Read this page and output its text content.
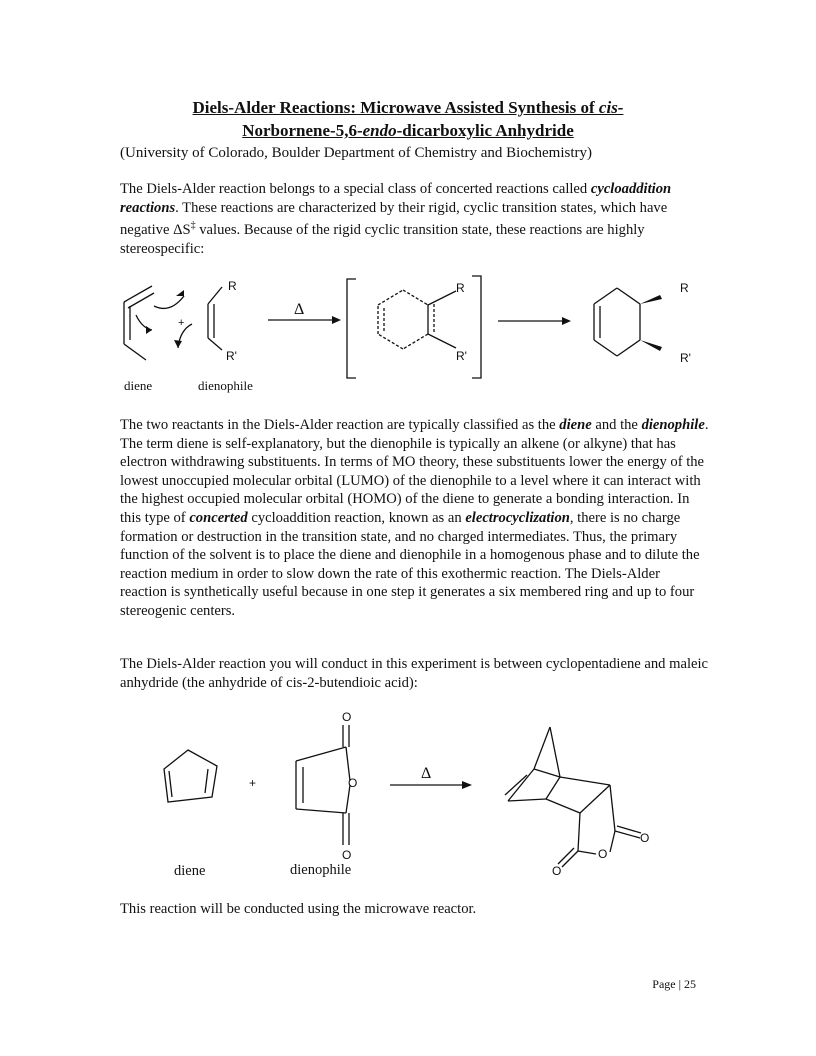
Diels-Alder Reactions: Microwave Assisted Synthesis of cis-
Norbornene-5,6-endo-dicarboxylic Anhydride
(University of Colorado, Boulder Department of Chemistry and Biochemistry)

The Diels-Alder reaction belongs to a special class of concerted reactions called cycloaddition reactions. These reactions are characterized by their rigid, cyclic transition states, which have negative ΔS‡ values. Because of the rigid cyclic transition state, these reactions are highly stereospecific:

R
R'
+
Δ
R
R'
R
R'
diene	dienophile

The two reactants in the Diels-Alder reaction are typically classified as the diene and the dienophile. The term diene is self-explanatory, but the dienophile is typically an alkene (or alkyne) that has electron withdrawing substituents. In terms of MO theory, these substituents lower the energy of the lowest unoccupied molecular orbital (LUMO) of the dienophile to a level where it can interact with the highest occupied molecular orbital (HOMO) of the diene to generate a bonding interaction. In this type of concerted cycloaddition reaction, known as an electrocyclization, there is no charge formation or destruction in the transition state, and no charged intermediates. Thus, the primary function of the solvent is to place the diene and dienophile in a homogenous phase and to dilute the reaction medium in order to slow down the rate of this exothermic reaction. The Diels-Alder reaction is synthetically useful because in one step it generates a six membered ring and up to four stereogenic centers.

The Diels-Alder reaction you will conduct in this experiment is between cyclopentadiene and maleic anhydride (the anhydride of cis-2-butendioic acid):

+
O
O
O
Δ
O
O
O
diene	dienophile

This reaction will be conducted using the microwave reactor.

Page | 25
